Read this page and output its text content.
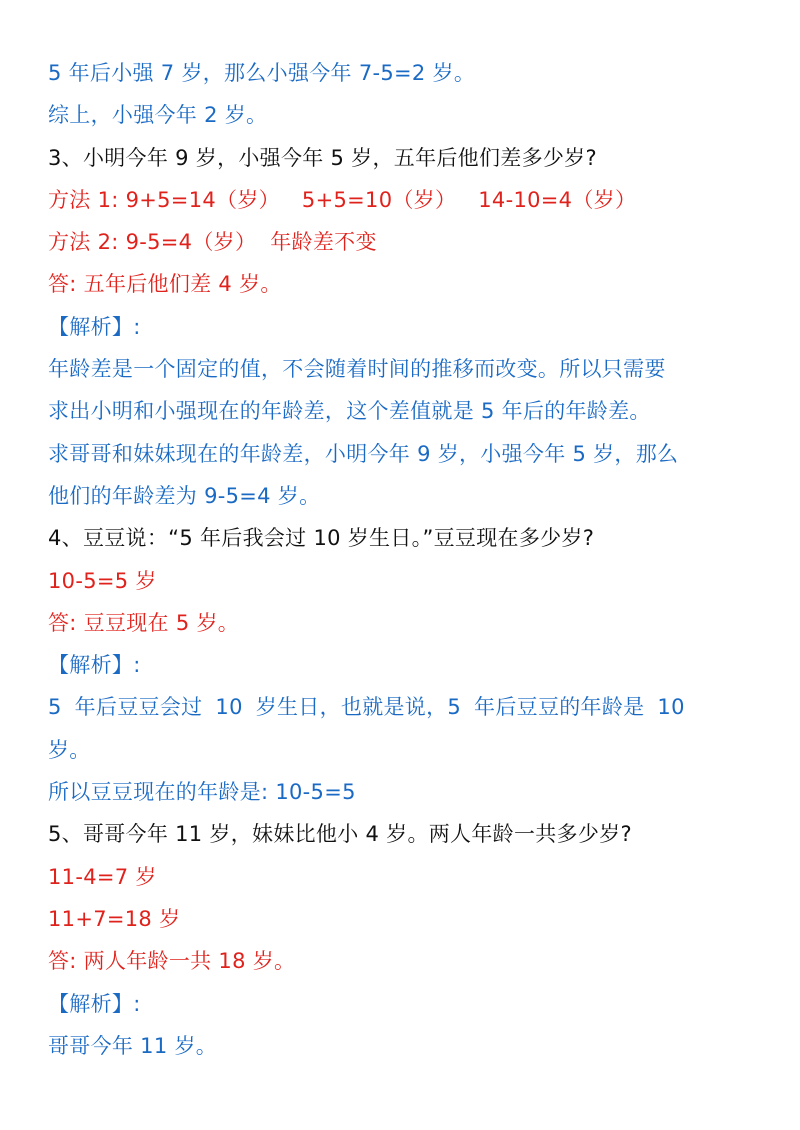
5 年后小强 7 岁，那么小强今年 7-5=2 岁。
综上，小强今年 2 岁。
3、小明今年 9 岁，小强今年 5 岁，五年后他们差多少岁?
方法 1: 9+5=14（岁） 5+5=10（岁） 14-10=4（岁）
方法 2: 9-5=4（岁） 年龄差不变
答: 五年后他们差 4 岁。
【解析】:
年龄差是一个固定的值，不会随着时间的推移而改变。所以只需要
求出小明和小强现在的年龄差，这个差值就是 5 年后的年龄差。
求哥哥和妹妹现在的年龄差，小明今年 9 岁，小强今年 5 岁，那么
他们的年龄差为 9-5=4 岁。
4、豆豆说：“5 年后我会过 10 岁生日。”豆豆现在多少岁?
10-5=5 岁
答: 豆豆现在 5 岁。
【解析】:
5 年后豆豆会过 10 岁生日，也就是说，5 年后豆豆的年龄是 10
岁。
所以豆豆现在的年龄是: 10-5=5
5、哥哥今年 11 岁，妹妹比他小 4 岁。两人年龄一共多少岁?
11-4=7 岁
11+7=18 岁
答: 两人年龄一共 18 岁。
【解析】:
哥哥今年 11 岁。
